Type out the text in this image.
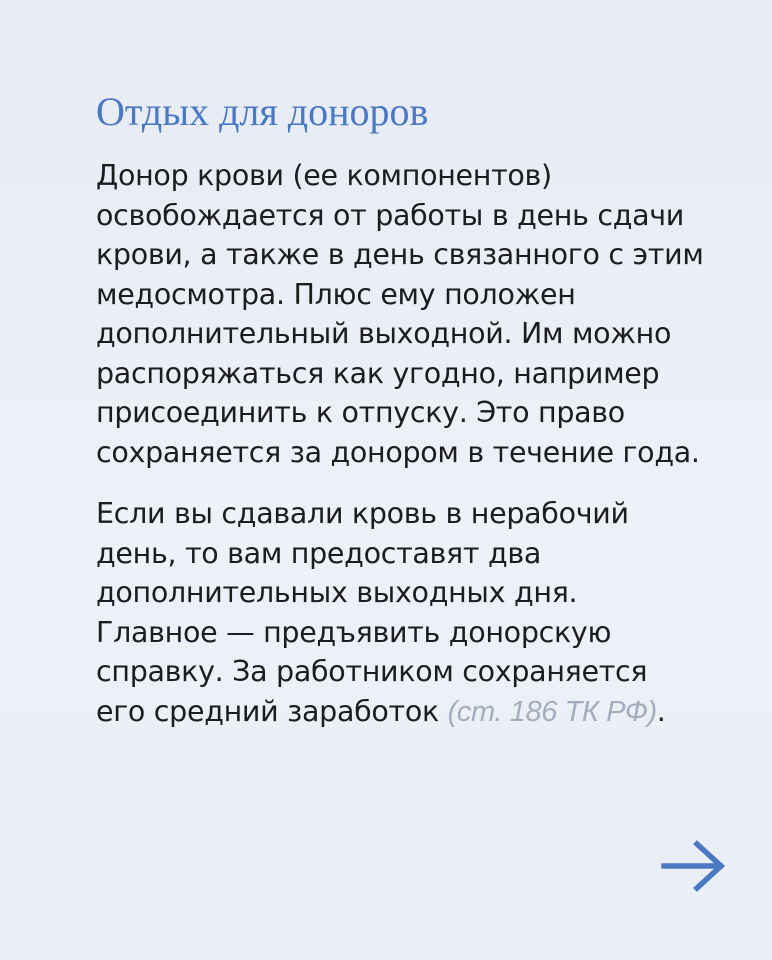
Отдых для доноров

Донор крови (ее компонентов)
освобождается от работы в день сдачи
крови, а также в день связанного с этим
медосмотра. Плюс ему положен
дополнительный выходной. Им можно
распоряжаться как угодно, например
присоединить к отпуску. Это право
сохраняется за донором в течение года.

Если вы сдавали кровь в нерабочий
день, то вам предоставят два
дополнительных выходных дня.
Главное — предъявить донорскую
справку. За работником сохраняется
его средний заработок (ст. 186 ТК РФ).
